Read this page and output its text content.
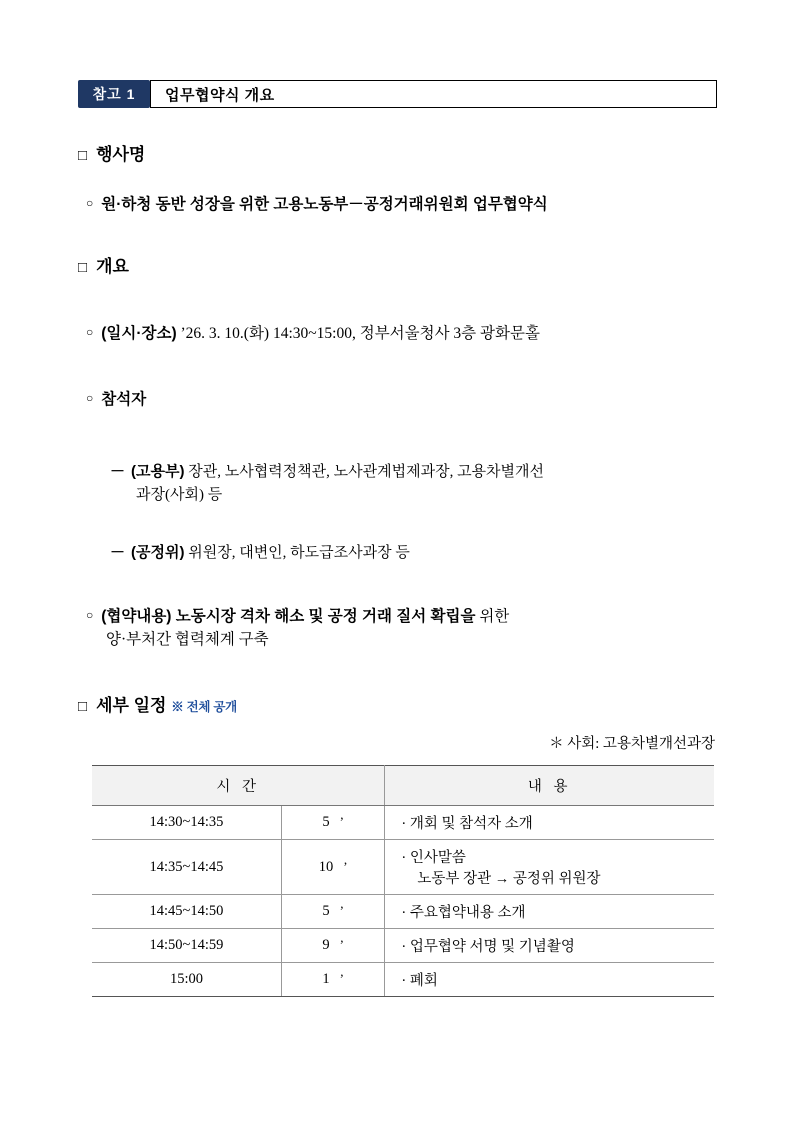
참고 1	업무협약식 개요
□ 행사명
○ 원·하청 동반 성장을 위한 고용노동부－공정거래위원회 업무협약식
□ 개요
○ (일시·장소) ’26. 3. 10.(화) 14:30~15:00, 정부서울청사 3층 광화문홀
○ 참석자
－ (고용부) 장관, 노사협력정책관, 노사관계법제과장, 고용차별개선
과장(사회) 등
－ (공정위) 위원장, 대변인, 하도급조사과장 등
○ (협약내용) 노동시장 격차 해소 및 공정 거래 질서 확립을 위한
양·부처간 협력체계 구축
□ 세부 일정 ※ 전체 공개
＊ 사회: 고용차별개선과장
시 간		내 용
14:30~14:35	5 ’	· 개회 및 참석자 소개

14:35~14:45	10 ’	· 인사말씀
노동부 장관 → 공정위 위원장

14:45~14:50	5 ’	· 주요협약내용 소개

14:50~14:59	9 ’	· 업무협약 서명 및 기념촬영

15:00	1 ’	· 폐회
